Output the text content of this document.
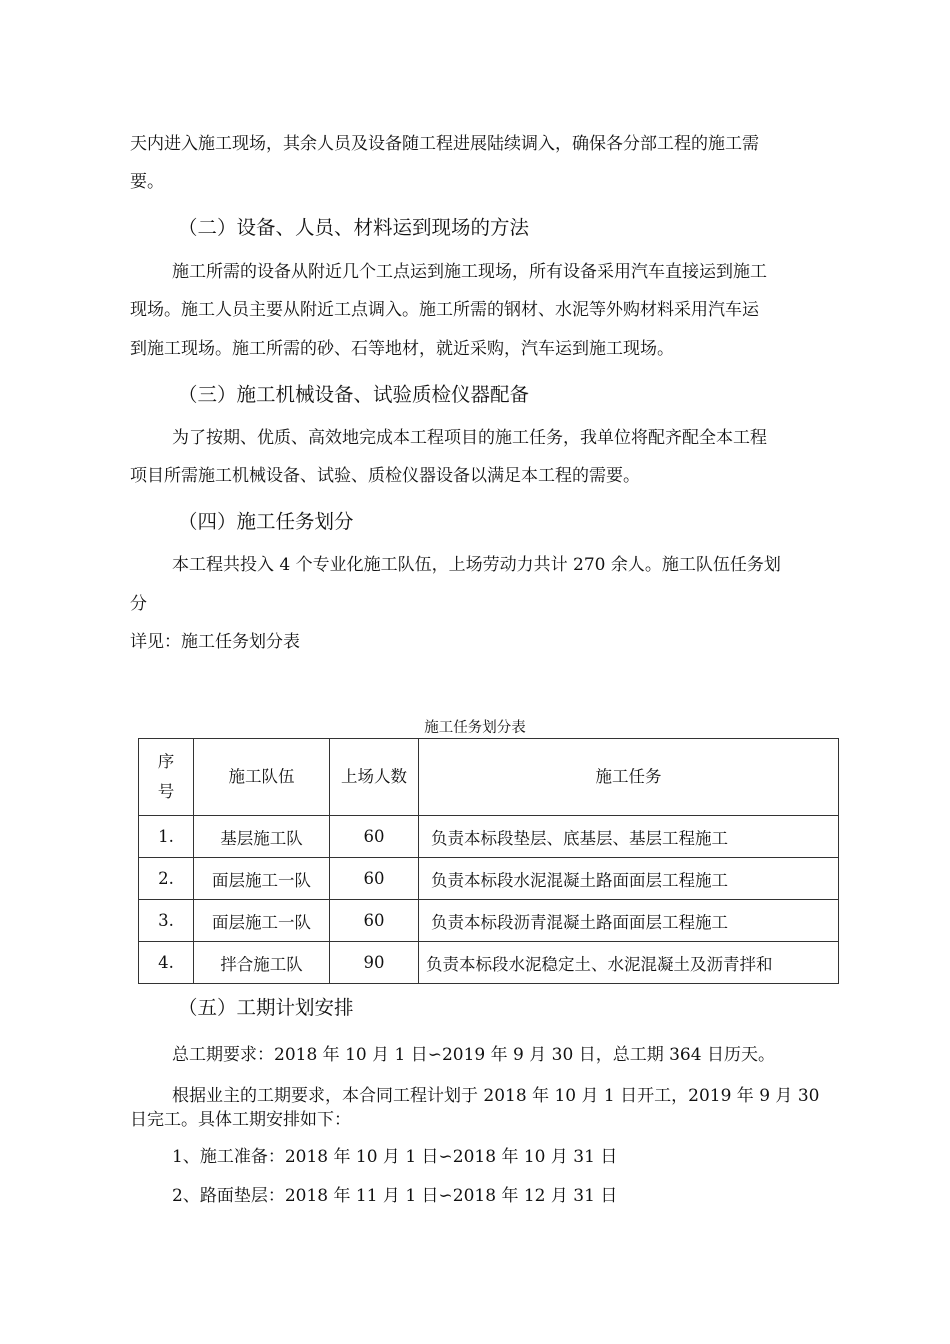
天内进入施工现场，其余人员及设备随工程进展陆续调入，确保各分部工程的施工需
要。
（二）设备、人员、材料运到现场的方法
施工所需的设备从附近几个工点运到施工现场，所有设备采用汽车直接运到施工
现场。施工人员主要从附近工点调入。施工所需的钢材、水泥等外购材料采用汽车运
到施工现场。施工所需的砂、石等地材，就近采购，汽车运到施工现场。
（三）施工机械设备、试验质检仪器配备
为了按期、优质、高效地完成本工程项目的施工任务，我单位将配齐配全本工程
项目所需施工机械设备、试验、质检仪器设备以满足本工程的需要。
（四）施工任务划分
本工程共投入 4 个专业化施工队伍，上场劳动力共计 270 余人。施工队伍任务划
分
详见：施工任务划分表
施工任务划分表
序
号	施工队伍	上场人数	施工任务
1.	基层施工队	60	负责本标段垫层、底基层、基层工程施工
2.	面层施工一队	60	负责本标段水泥混凝土路面面层工程施工
3.	面层施工一队	60	负责本标段沥青混凝土路面面层工程施工
4.	拌合施工队	90	负责本标段水泥稳定土、水泥混凝土及沥青拌和
（五）工期计划安排
总工期要求：2018 年 10 月 1 日∽2019 年 9 月 30 日，总工期 364 日历天。
根据业主的工期要求，本合同工程计划于 2018 年 10 月 1 日开工，2019 年 9 月 30
日完工。具体工期安排如下：
1、施工准备：2018 年 10 月 1 日∽2018 年 10 月 31 日
2、路面垫层：2018 年 11 月 1 日∽2018 年 12 月 31 日
